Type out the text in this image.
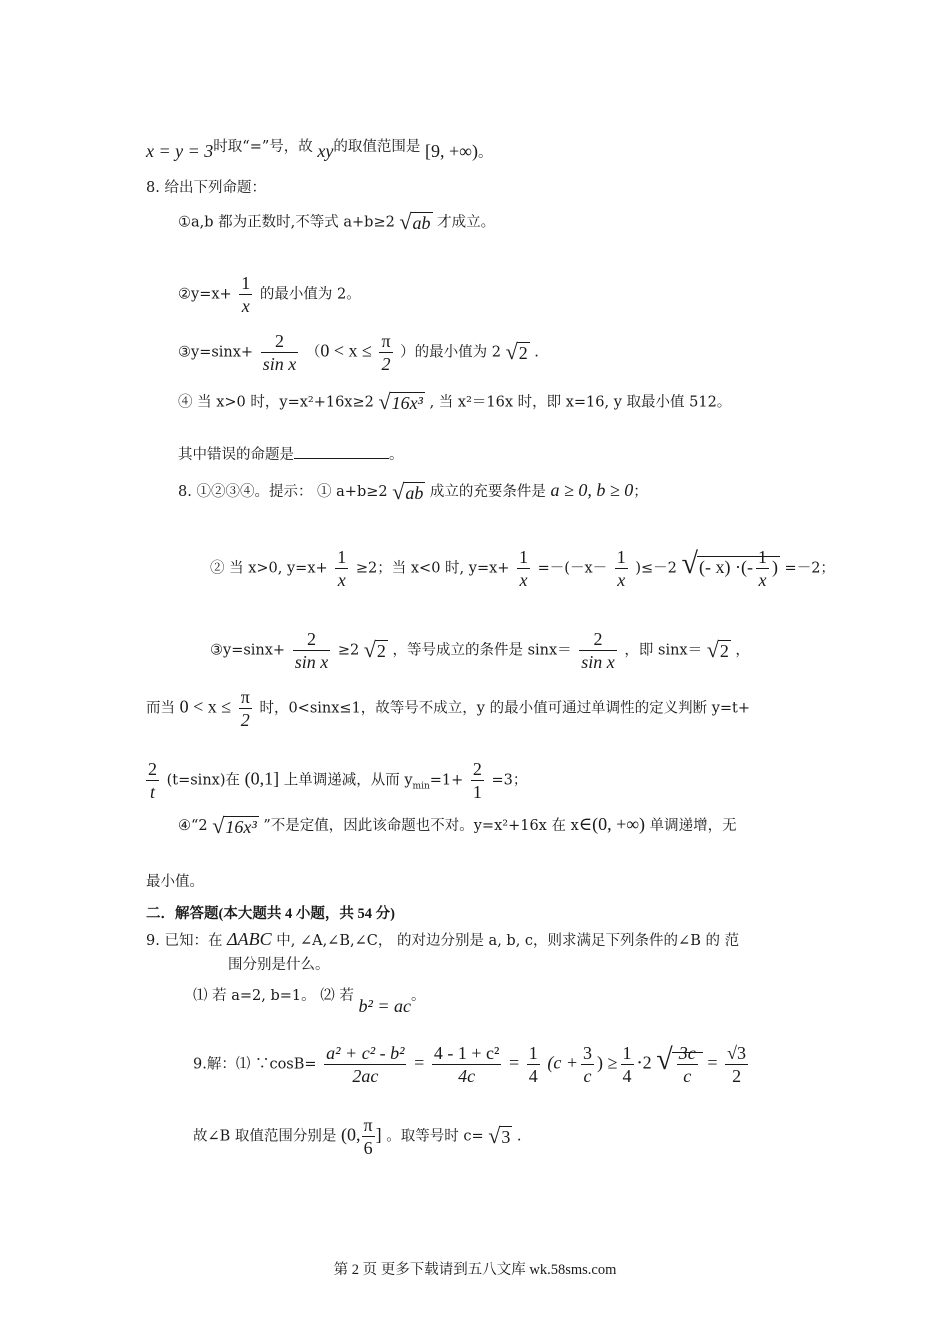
$x = y = 3^{时取“=”号,故}$ xy的取值范围是 [9, +∞)。
8. 给出下列命题：
①a,b 都为正数时,不等式 a+b≥2 √ab 才成立。
②y=x+ $\frac{1}{x}$ 的最小值为 2。
③y=sinx+ $\frac{2}{\text{sin x}} (0 < x \le \frac{\pi}{2}$ ）的最小值为 2 √2 .
④ 当 x>0 时，y=x²+16x≥2 √16x³ , 当 x²＝16x 时，即 x=16, y 取最小值 512。
其中错误的命题是	。
8. ①②③④。提示： ① a+b≥2 √ab 成立的充要条件是 a ≥ 0, b ≥ 0；
② 当 x>0, $y=x+ \frac{1}{x} \ge 2$；当 x<0 时, $y=x+ \frac{1}{x} =-(-x- \frac{1}{x} )\le-2$ √(- x) ·(- $\frac{1}{x}$ ) =－2；
③y=sinx+ $\frac{2}{\text{sin x}} \ge 2$ √2 ，等号成立的条件是 $\sin x= \frac{2}{\text{sin x}}$ ，即 sinx＝ √2 ，
而当 $0 < x \le \frac{\pi}{2}$ 时，0<sinx≤1，故等号不成立，y 的最小值可通过单调性的定义判断 y=t+
$\frac{2}{t} (t=\sin x)$在 (0,1] 上单调递减，从而 $y_{min}=1+ \frac{2}{1} =3$；
④“2 √16x³ ”不是定值，因此该命题也不对。y=x²+16x 在 x∈(0, +∞) 单调递增，无
最小值。
二．解答题(本大题共 4 小题，共 54 分)
9. 已知：在 ΔABC 中, ∠A,∠B,∠C， 的对边分别是 a, b, c，则求满足下列条件的∠B 的 范
围分别是什么。
⑴ 若 a=2, b=1。 ⑵ 若 b² = ac。
9.解：⑴ ∵cosB= $\frac{\text{a² + c² - b²}}{2ac} = \frac{\text{4 - 1 + c²}}{4c} = \frac{1}{4} (c + \frac{3}{c}$ ) ≥ $\frac{1}{4} \cdot 2$ √ $\frac{3c}{c} = \frac{√3}{2}$
故∠B 取值范围分别是 (0, $\frac{\pi}{6}$ ] 。取等号时 c= √3 .
第 2 页 更多下载请到五八文库 wk.58sms.com
